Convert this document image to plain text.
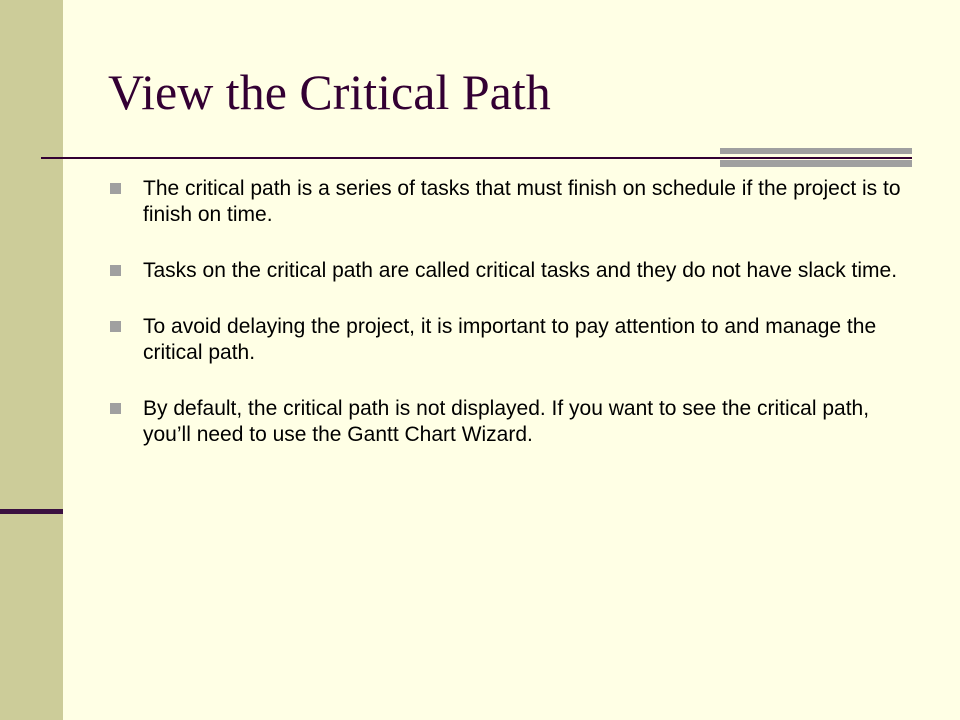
View the Critical Path
The critical path is a series of tasks that must finish on schedule if the project is to finish on time.
Tasks on the critical path are called critical tasks and they do not have slack time.
To avoid delaying the project, it is important to pay attention to and manage the critical path.
By default, the critical path is not displayed. If you want to see the critical path, you’ll need to use the Gantt Chart Wizard.
